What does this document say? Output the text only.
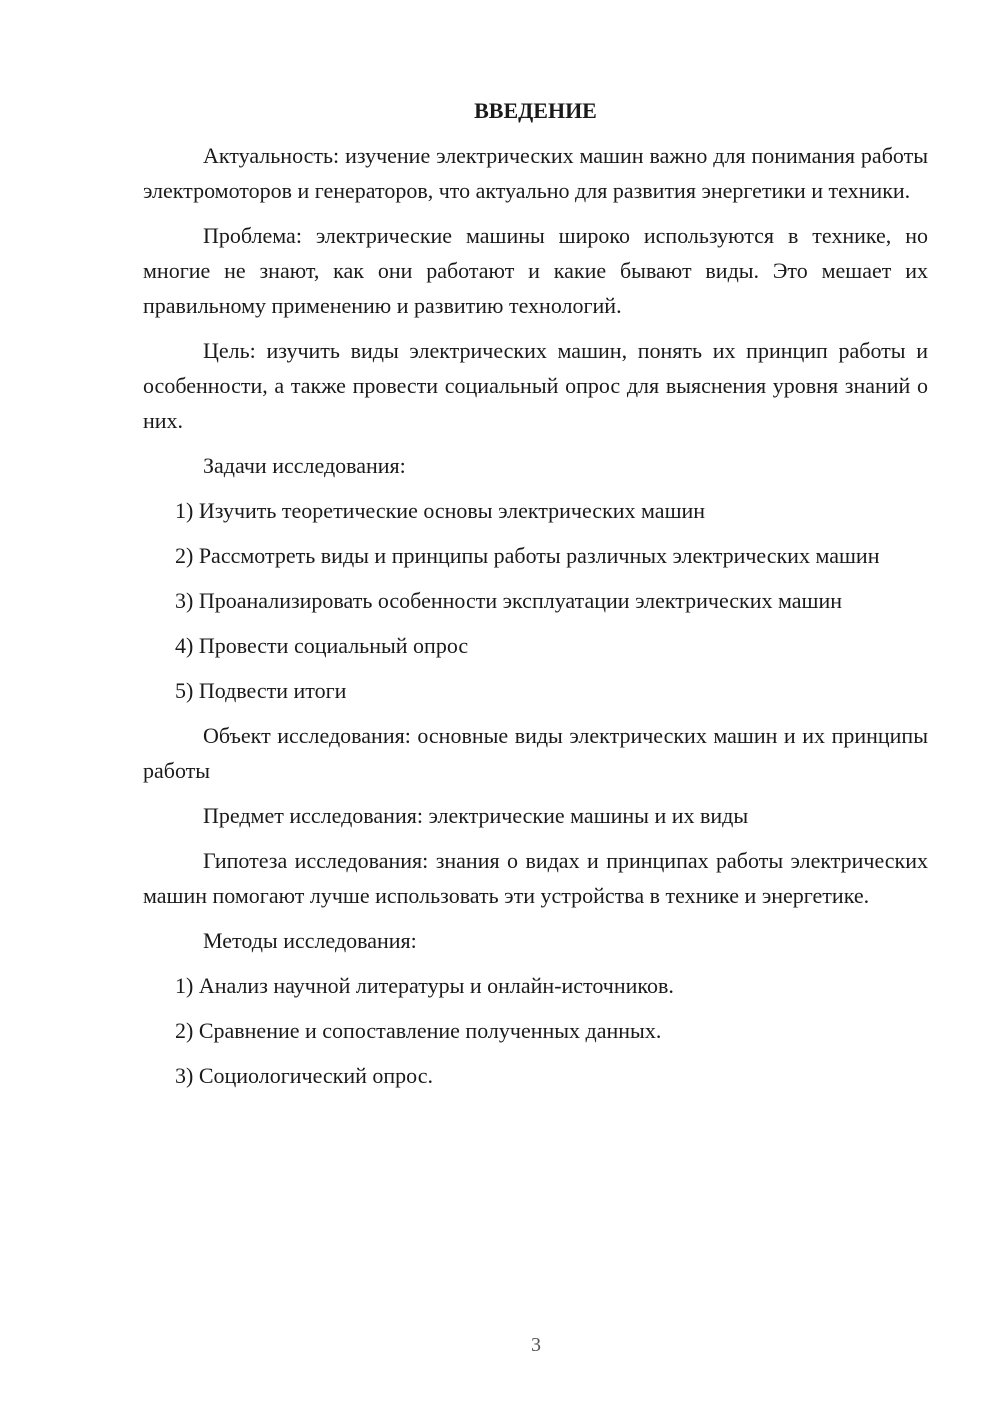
ВВЕДЕНИЕ

Актуальность: изучение электрических машин важно для понимания работы электромоторов и генераторов, что актуально для развития энергетики и техники.

Проблема: электрические машины широко используются в технике, но многие не знают, как они работают и какие бывают виды. Это мешает их правильному применению и развитию технологий.

Цель: изучить виды электрических машин, понять их принцип работы и особенности, а также провести социальный опрос для выяснения уровня знаний о них.

Задачи исследования:

1) Изучить теоретические основы электрических машин

2) Рассмотреть виды и принципы работы различных электрических машин

3) Проанализировать особенности эксплуатации электрических машин

4) Провести социальный опрос

5) Подвести итоги

Объект исследования: основные виды электрических машин и их принципы работы

Предмет исследования: электрические машины и их виды

Гипотеза исследования: знания о видах и принципах работы электрических машин помогают лучше использовать эти устройства в технике и энергетике.

Методы исследования:

1) Анализ научной литературы и онлайн-источников.

2) Сравнение и сопоставление полученных данных.

3) Социологический опрос.

3
